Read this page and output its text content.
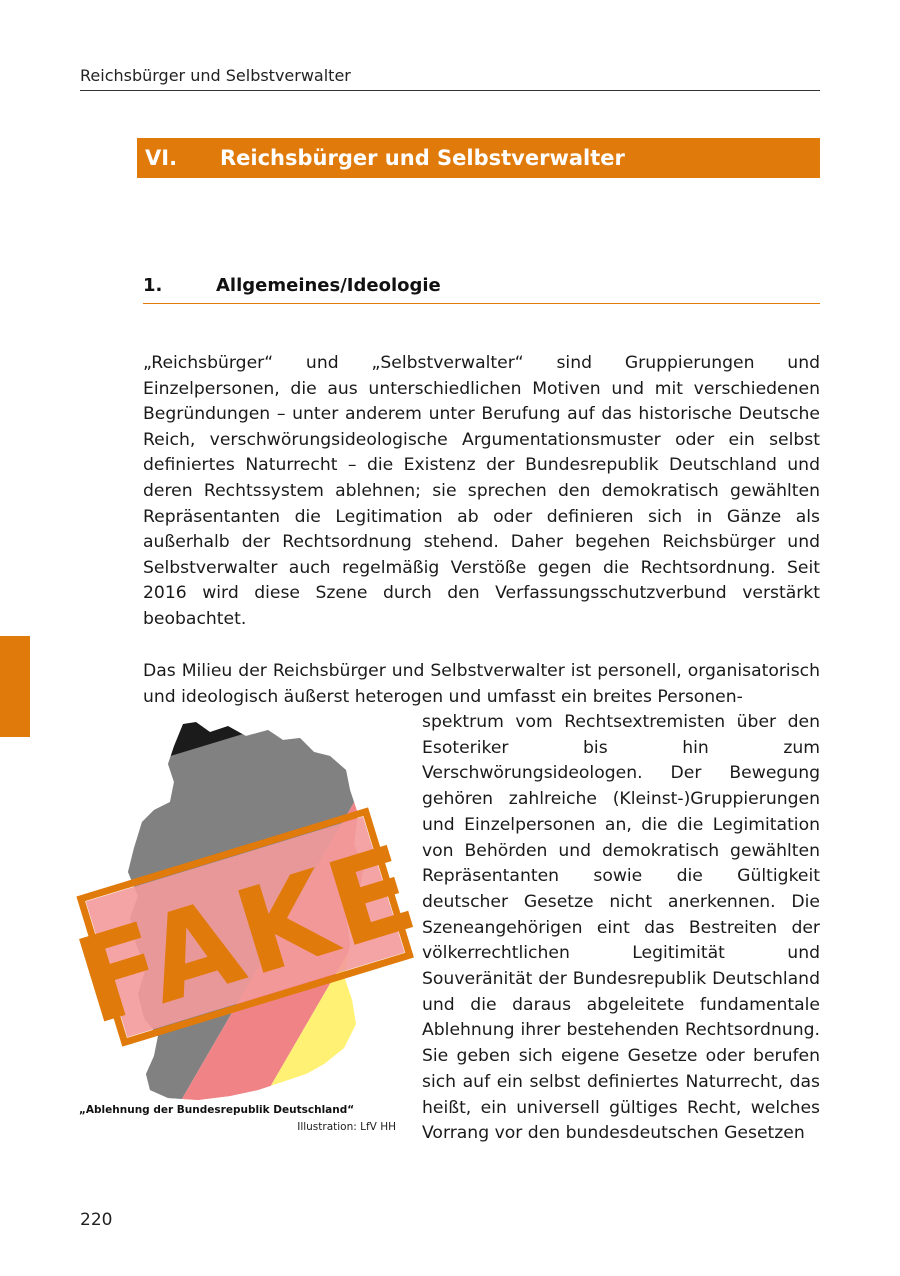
Reichsbürger und Selbstverwalter
VI. Reichsbürger und Selbstverwalter
1.	Allgemeines/Ideologie

„Reichsbürger“ und „Selbstverwalter“ sind Gruppierungen und Einzelpersonen, die aus unterschiedlichen Motiven und mit verschiedenen Begründungen – unter anderem unter Berufung auf das historische Deutsche Reich, verschwörungsideologische Argumentationsmuster oder ein selbst definiertes Naturrecht – die Existenz der Bundesrepublik Deutschland und deren Rechtssystem ablehnen; sie sprechen den demokratisch gewählten Repräsentanten die Legitimation ab oder definieren sich in Gänze als außerhalb der Rechtsordnung stehend. Daher begehen Reichsbürger und Selbstverwalter auch regelmäßig Verstöße gegen die Rechtsordnung. Seit 2016 wird diese Szene durch den Verfassungsschutzverbund verstärkt beobachtet.

Das Milieu der Reichsbürger und Selbstverwalter ist personell, organisatorisch und ideologisch äußerst heterogen und umfasst ein breites Personen-

spektrum vom Rechtsextremisten über den Esoteriker bis hin zum Verschwörungsideologen. Der Bewegung gehören zahlreiche (Kleinst-)Gruppierungen und Einzelpersonen an, die die Legimitation von Behörden und demokratisch gewählten Repräsentanten sowie die Gültigkeit deutscher Gesetze nicht anerkennen. Die Szeneangehörigen eint das Bestreiten der völkerrechtlichen Legitimität und Souveränität der Bundesrepublik Deutschland und die daraus abgeleitete fundamentale Ablehnung ihrer bestehenden Rechtsordnung. Sie geben sich eigene Gesetze oder berufen sich auf ein selbst definiertes Naturrecht, das heißt, ein universell gültiges Recht, welches Vorrang vor den bundesdeutschen Gesetzen

FAKE
„Ablehnung der Bundesrepublik Deutschland“
Illustration: LfV HH
220
